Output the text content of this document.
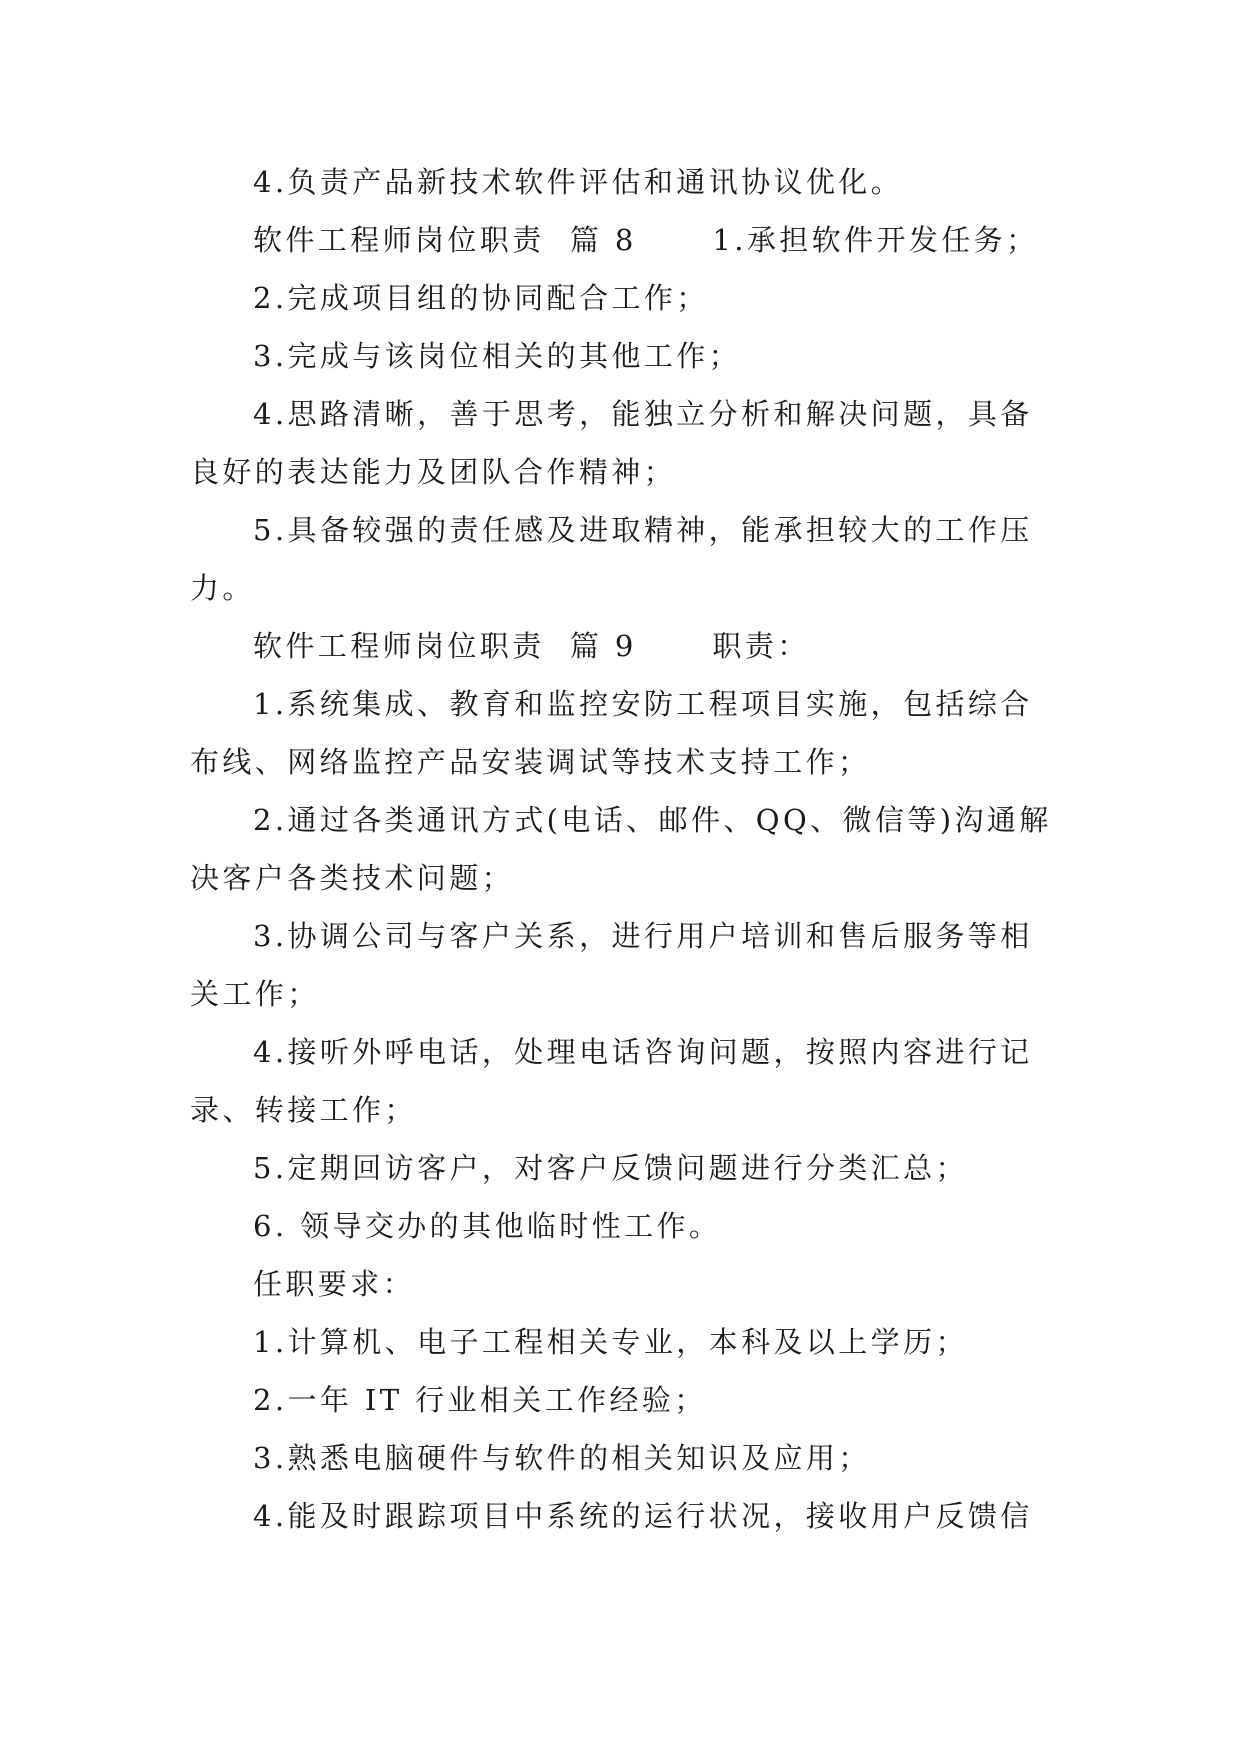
4.负责产品新技术软件评估和通讯协议优化。

软件工程师岗位职责  篇 8      1.承担软件开发任务；

2.完成项目组的协同配合工作；

3.完成与该岗位相关的其他工作；

4.思路清晰，善于思考，能独立分析和解决问题，具备良好的表达能力及团队合作精神；

5.具备较强的责任感及进取精神，能承担较大的工作压力。

软件工程师岗位职责  篇 9      职责：

1.系统集成、教育和监控安防工程项目实施，包括综合布线、网络监控产品安装调试等技术支持工作；

2.通过各类通讯方式(电话、邮件、QQ、微信等)沟通解决客户各类技术问题；

3.协调公司与客户关系，进行用户培训和售后服务等相关工作；

4.接听外呼电话，处理电话咨询问题，按照内容进行记录、转接工作；

5.定期回访客户，对客户反馈问题进行分类汇总；

6. 领导交办的其他临时性工作。

任职要求：

1.计算机、电子工程相关专业，本科及以上学历；

2.一年 IT 行业相关工作经验；

3.熟悉电脑硬件与软件的相关知识及应用；

4.能及时跟踪项目中系统的运行状况，接收用户反馈信
